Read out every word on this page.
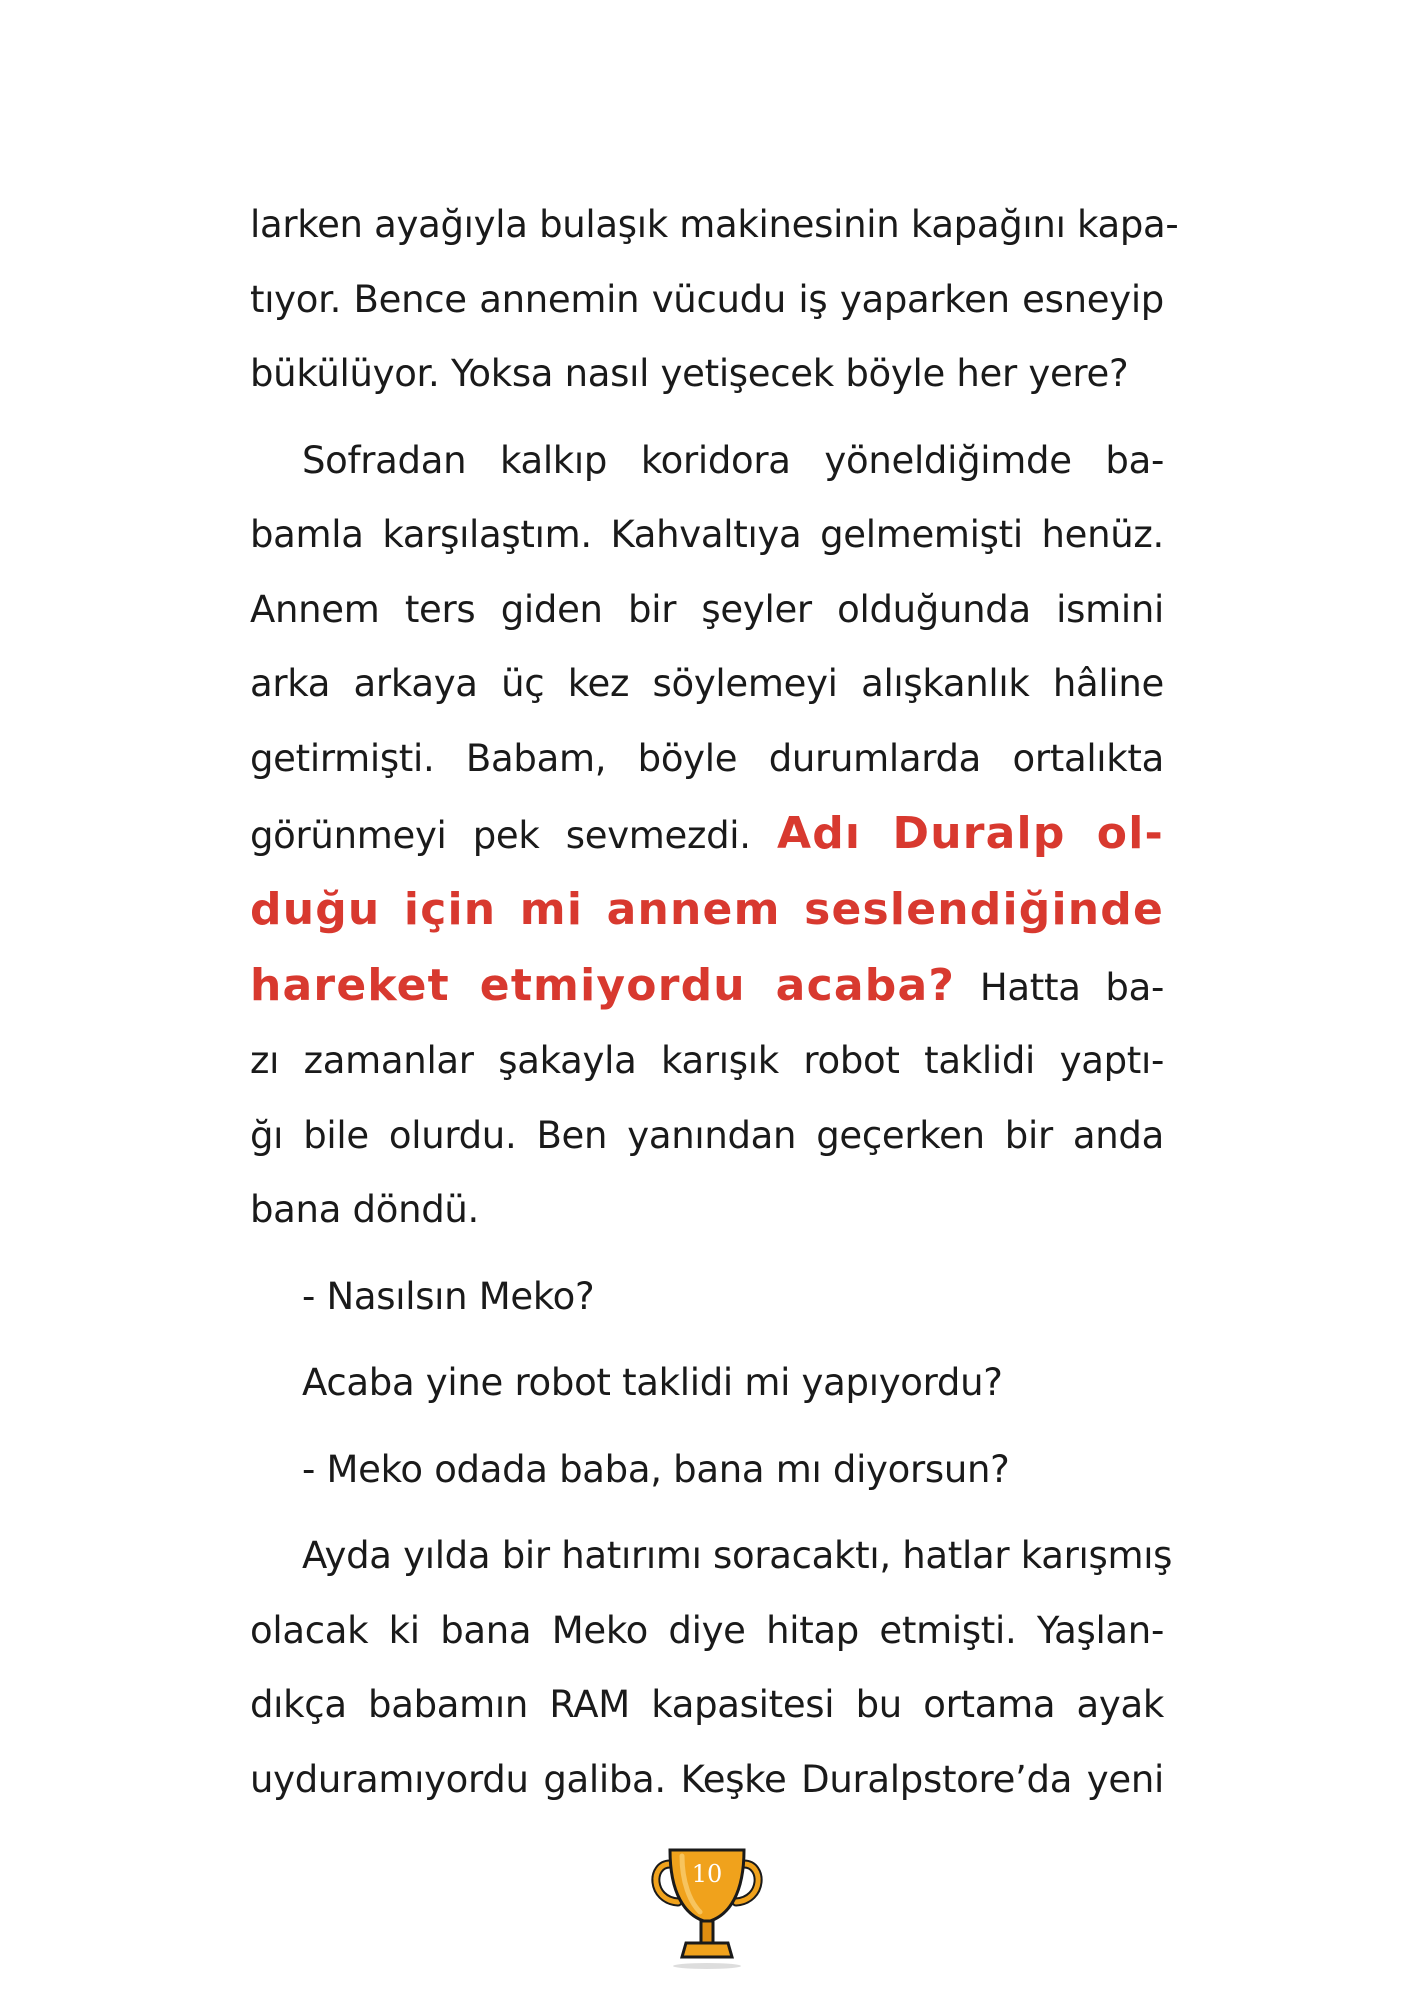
larken ayağıyla bulaşık makinesinin kapağını kapa-
tıyor. Bence annemin vücudu iş yaparken esneyip
bükülüyor. Yoksa nasıl yetişecek böyle her yere?
Sofradan kalkıp koridora yöneldiğimde ba-
bamla karşılaştım. Kahvaltıya gelmemişti henüz.
Annem ters giden bir şeyler olduğunda ismini
arka arkaya üç kez söylemeyi alışkanlık hâline
getirmişti. Babam, böyle durumlarda ortalıkta
görünmeyi pek sevmezdi. Adı Duralp ol-
duğu için mi annem seslendiğinde
hareket etmiyordu acaba? Hatta ba-
zı zamanlar şakayla karışık robot taklidi yaptı-
ğı bile olurdu. Ben yanından geçerken bir anda
bana döndü.
- Nasılsın Meko?
Acaba yine robot taklidi mi yapıyordu?
- Meko odada baba, bana mı diyorsun?
Ayda yılda bir hatırımı soracaktı, hatlar karışmış
olacak ki bana Meko diye hitap etmişti. Yaşlan-
dıkça babamın RAM kapasitesi bu ortama ayak
uyduramıyordu galiba. Keşke Duralpstore’da yeni
10
